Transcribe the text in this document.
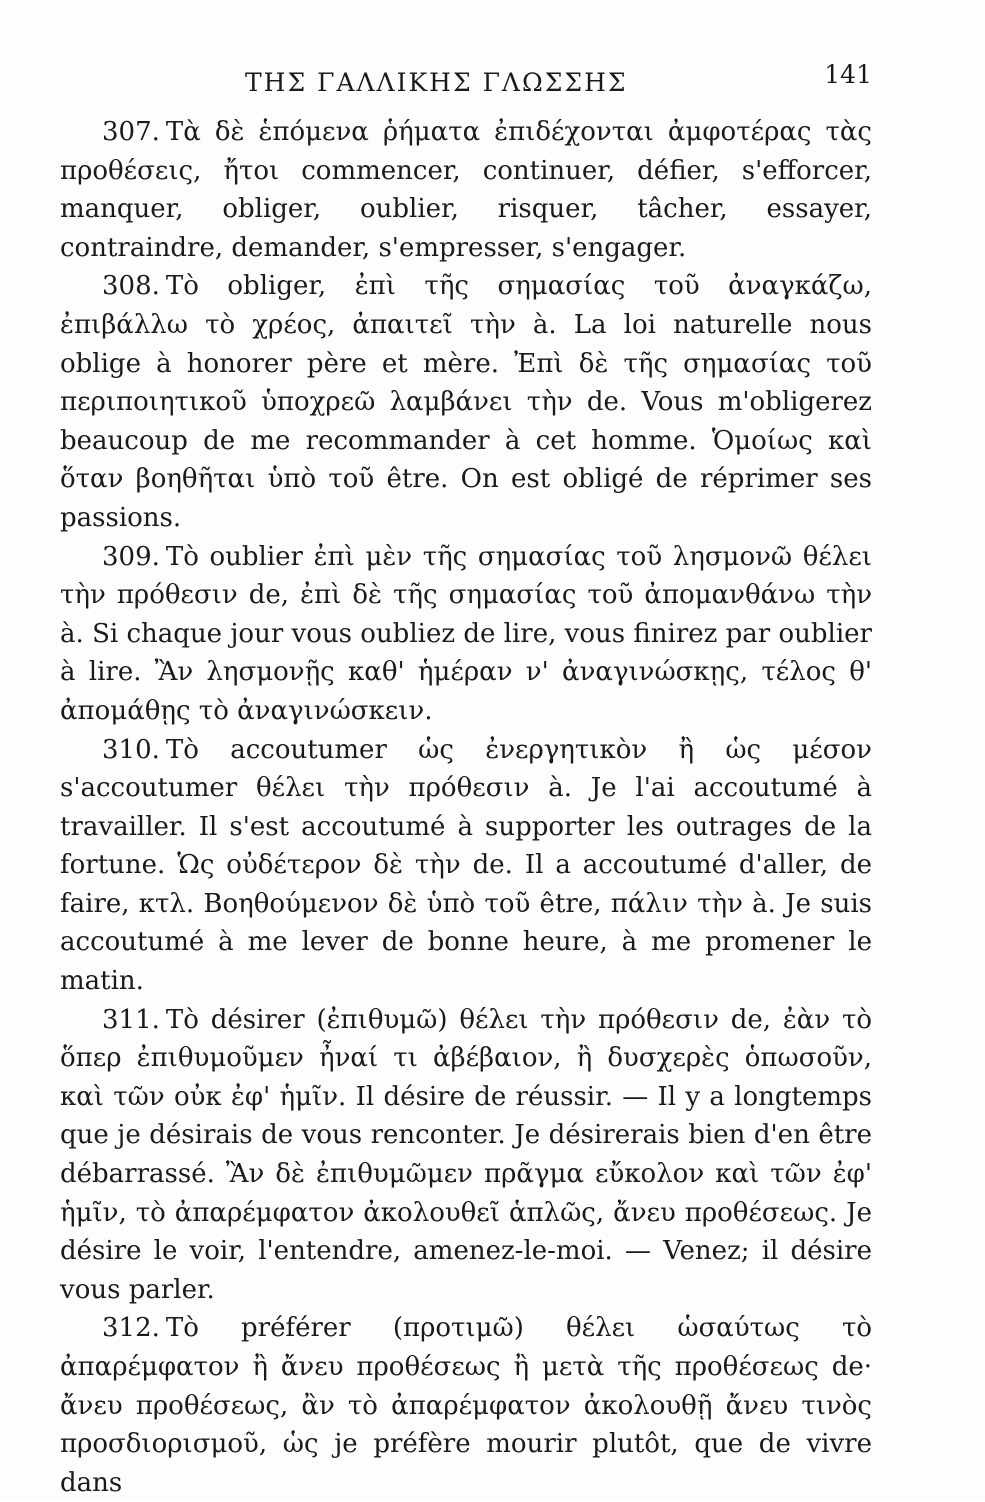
ΤΗΣ ΓΑΛΛΙΚΗΣ ΓΛΩΣΣΗΣ	141

307. Τὰ δὲ ἑπόμενα ῥήματα ἐπιδέχονται ἀμφοτέρας τὰς προθέσεις, ἤτοι commencer, continuer, défier, s'efforcer, manquer, obliger, oublier, risquer, tâcher, essayer, contraindre, demander, s'empresser, s'engager.

308. Τὸ obliger, ἐπὶ τῆς σημασίας τοῦ ἀναγκάζω, ἐπιβάλλω τὸ χρέος, ἀπαιτεῖ τὴν à. La loi naturelle nous oblige à honorer père et mère. Ἐπὶ δὲ τῆς σημασίας τοῦ περιποιητικοῦ ὑποχρεῶ λαμβάνει τὴν de. Vous m'obligerez beaucoup de me recommander à cet homme. Ὁμοίως καὶ ὅταν βοηθῆται ὑπὸ τοῦ être. On est obligé de réprimer ses passions.

309. Τὸ oublier ἐπὶ μὲν τῆς σημασίας τοῦ λησμονῶ θέλει τὴν πρόθεσιν de, ἐπὶ δὲ τῆς σημασίας τοῦ ἀπομανθάνω τὴν à. Si chaque jour vous oubliez de lire, vous finirez par oublier à lire. Ἂν λησμονῇς καθ' ἡμέραν ν' ἀναγινώσκῃς, τέλος θ' ἀπομάθῃς τὸ ἀναγινώσκειν.

310. Τὸ accoutumer ὡς ἐνεργητικὸν ἢ ὡς μέσον s'accoutumer θέλει τὴν πρόθεσιν à. Je l'ai accoutumé à travailler. Il s'est accoutumé à supporter les outrages de la fortune. Ὡς οὐδέτερον δὲ τὴν de. Il a accoutumé d'aller, de faire, κτλ. Βοηθούμενον δὲ ὑπὸ τοῦ être, πάλιν τὴν à. Je suis accoutumé à me lever de bonne heure, à me promener le matin.

311. Τὸ désirer (ἐπιθυμῶ) θέλει τὴν πρόθεσιν de, ἐὰν τὸ ὅπερ ἐπιθυμοῦμεν ἦναί τι ἀβέβαιον, ἢ δυσχερὲς ὁπωσοῦν, καὶ τῶν οὐκ ἐφ' ἡμῖν. Il désire de réussir. — Il y a longtemps que je désirais de vous renconter. Je désirerais bien d'en être débarrassé. Ἂν δὲ ἐπιθυμῶμεν πρᾶγμα εὔκολον καὶ τῶν ἐφ' ἡμῖν, τὸ ἀπαρέμφατον ἀκολουθεῖ ἁπλῶς, ἄνευ προθέσεως. Je désire le voir, l'entendre, amenez-le-moi. — Venez; il désire vous parler.

312. Τὸ préférer (προτιμῶ) θέλει ὡσαύτως τὸ ἀπαρέμφατον ἢ ἄνευ προθέσεως ἢ μετὰ τῆς προθέσεως de· ἄνευ προθέσεως, ἂν τὸ ἀπαρέμφατον ἀκολουθῇ ἄνευ τινὸς προσδιορισμοῦ, ὡς je préfère mourir plutôt, que de vivre dans
